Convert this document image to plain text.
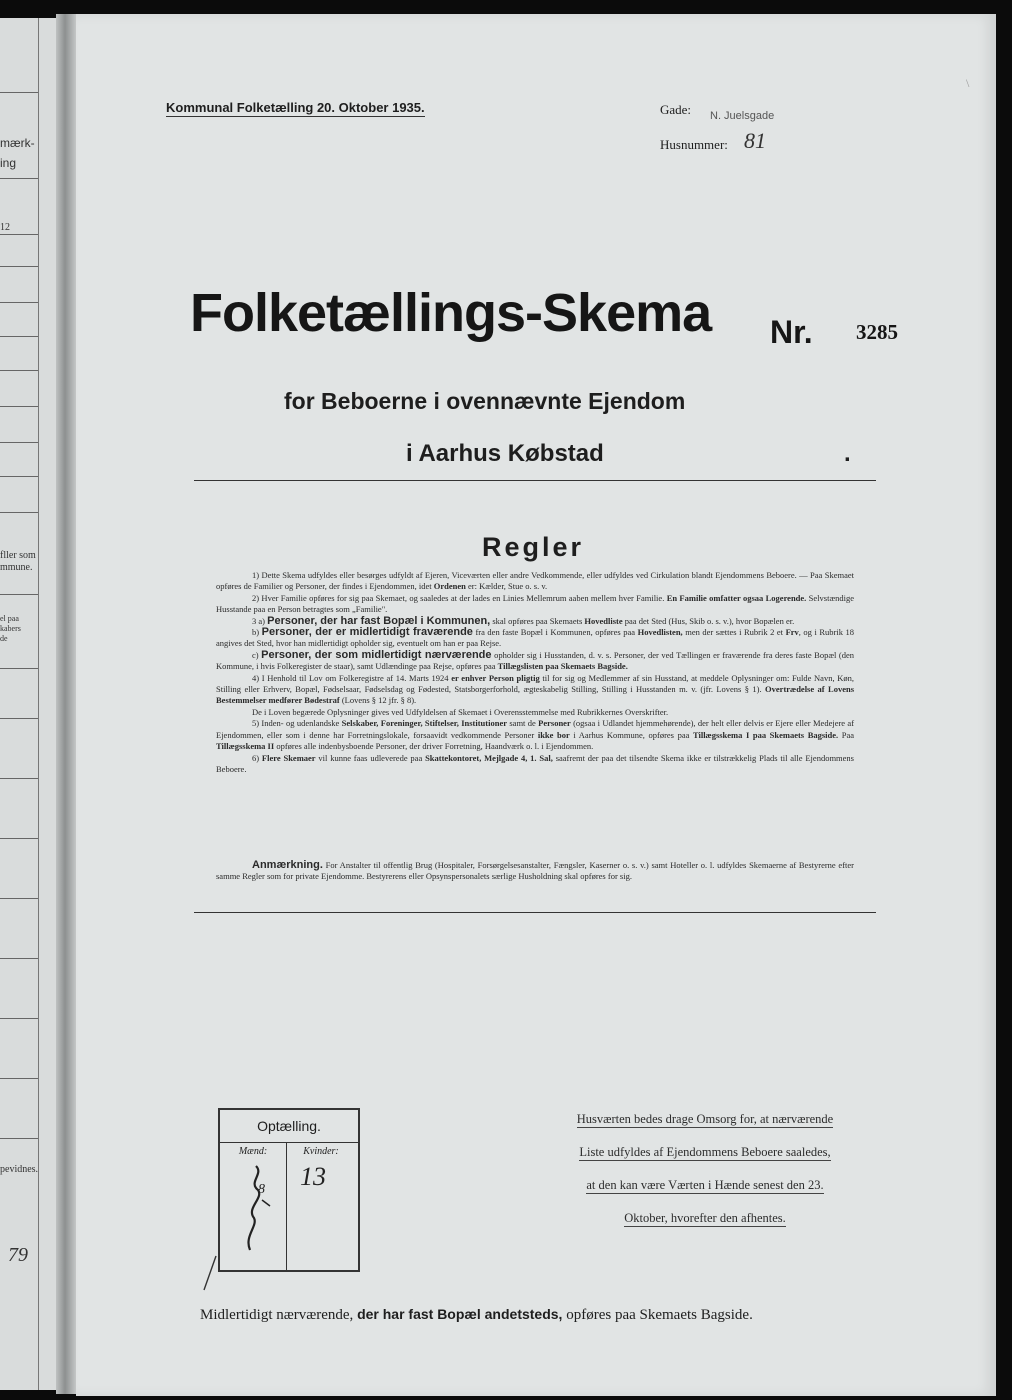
mærk-
ing
12
fller som
mmune.
el paa
kabers
de
pevidnes.
79
Kommunal Folketælling 20. Oktober 1935.	Gade: N. Juelsgade
Husnummer: 81
\
Folketællings-Skema Nr. 3285
for Beboerne i ovennævnte Ejendom
i Aarhus Købstad	.
Regler

1) Dette Skema udfyldes eller besørges udfyldt af Ejeren, Viceværten eller andre Vedkommende, eller udfyldes ved Cirkulation blandt Ejendommens Beboere. — Paa Skemaet opføres de Familier og Personer, der findes i Ejendommen, idet Ordenen er: Kælder, Stue o. s. v.

2) Hver Familie opføres for sig paa Skemaet, og saaledes at der lades en Linies Mellemrum aaben mellem hver Familie. En Familie omfatter ogsaa Logerende. Selvstændige Husstande paa en Person betragtes som „Familie".

3 a) Personer, der har fast Bopæl i Kommunen, skal opføres paa Skemaets Hovedliste paa det Sted (Hus, Skib o. s. v.), hvor Bopælen er.

b) Personer, der er midlertidigt fraværende fra den faste Bopæl i Kommunen, opføres paa Hovedlisten, men der sættes i Rubrik 2 et Frv, og i Rubrik 18 angives det Sted, hvor han midlertidigt opholder sig, eventuelt om han er paa Rejse.

c) Personer, der som midlertidigt nærværende opholder sig i Husstanden, d. v. s. Personer, der ved Tællingen er fraværende fra deres faste Bopæl (den Kommune, i hvis Folkeregister de staar), samt Udlændinge paa Rejse, opføres paa Tillægslisten paa Skemaets Bagside.

4) I Henhold til Lov om Folkeregistre af 14. Marts 1924 er enhver Person pligtig til for sig og Medlemmer af sin Husstand, at meddele Oplysninger om: Fulde Navn, Køn, Stilling eller Erhverv, Bopæl, Fødselsaar, Fødselsdag og Fødested, Statsborgerforhold, ægteskabelig Stilling, Stilling i Husstanden m. v. (jfr. Lovens § 1). Overtrædelse af Lovens Bestemmelser medfører Bødestraf (Lovens § 12 jfr. § 8).

De i Loven begærede Oplysninger gives ved Udfyldelsen af Skemaet i Overensstemmelse med Rubrikkernes Overskrifter.

5) Inden- og udenlandske Selskaber, Foreninger, Stiftelser, Institutioner samt de Personer (ogsaa i Udlandet hjemmehørende), der helt eller delvis er Ejere eller Medejere af Ejendommen, eller som i denne har Forretningslokale, forsaavidt vedkommende Personer ikke bor i Aarhus Kommune, opføres paa Tillægsskema I paa Skemaets Bagside. Paa Tillægsskema II opføres alle indenbysboende Personer, der driver Forretning, Haandværk o. l. i Ejendommen.

6) Flere Skemaer vil kunne faas udleverede paa Skattekontoret, Mejlgade 4, 1. Sal, saafremt der paa det tilsendte Skema ikke er tilstrækkelig Plads til alle Ejendommens Beboere.

Anmærkning. For Anstalter til offentlig Brug (Hospitaler, Forsørgelsesanstalter, Fængsler, Kaserner o. s. v.) samt Hoteller o. l. udfyldes Skemaerne af Bestyrerne efter samme Regler som for private Ejendomme. Bestyrerens eller Opsynspersonalets særlige Husholdning skal opføres for sig.
Optælling.
Mænd:	Kvinder:
8 13
Husværten bedes drage Omsorg for, at nærværende
Liste udfyldes af Ejendommens Beboere saaledes,
at den kan være Værten i Hænde senest den 23.
Oktober, hvorefter den afhentes.
Midlertidigt nærværende, der har fast Bopæl andetsteds, opføres paa Skemaets Bagside.
